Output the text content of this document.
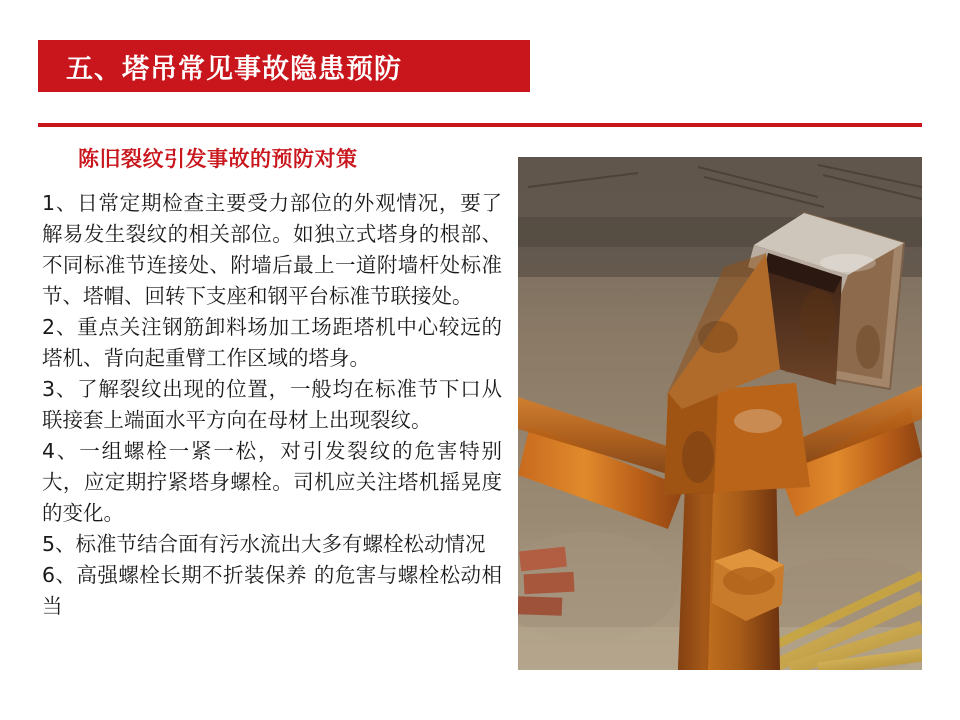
五、塔吊常见事故隐患预防
陈旧裂纹引发事故的预防对策

1、日常定期检查主要受力部位的外观情况，要了解易发生裂纹的相关部位。如独立式塔身的根部、不同标准节连接处、附墙后最上一道附墙杆处标准节、塔帽、回转下支座和钢平台标准节联接处。

2、重点关注钢筋卸料场加工场距塔机中心较远的塔机、背向起重臂工作区域的塔身。

3、了解裂纹出现的位置，一般均在标准节下口从联接套上端面水平方向在母材上出现裂纹。

4、一组螺栓一紧一松，对引发裂纹的危害特别大，应定期拧紧塔身螺栓。司机应关注塔机摇晃度的变化。

5、标准节结合面有污水流出大多有螺栓松动情况

6、高强螺栓长期不折装保养 的危害与螺栓松动相当
